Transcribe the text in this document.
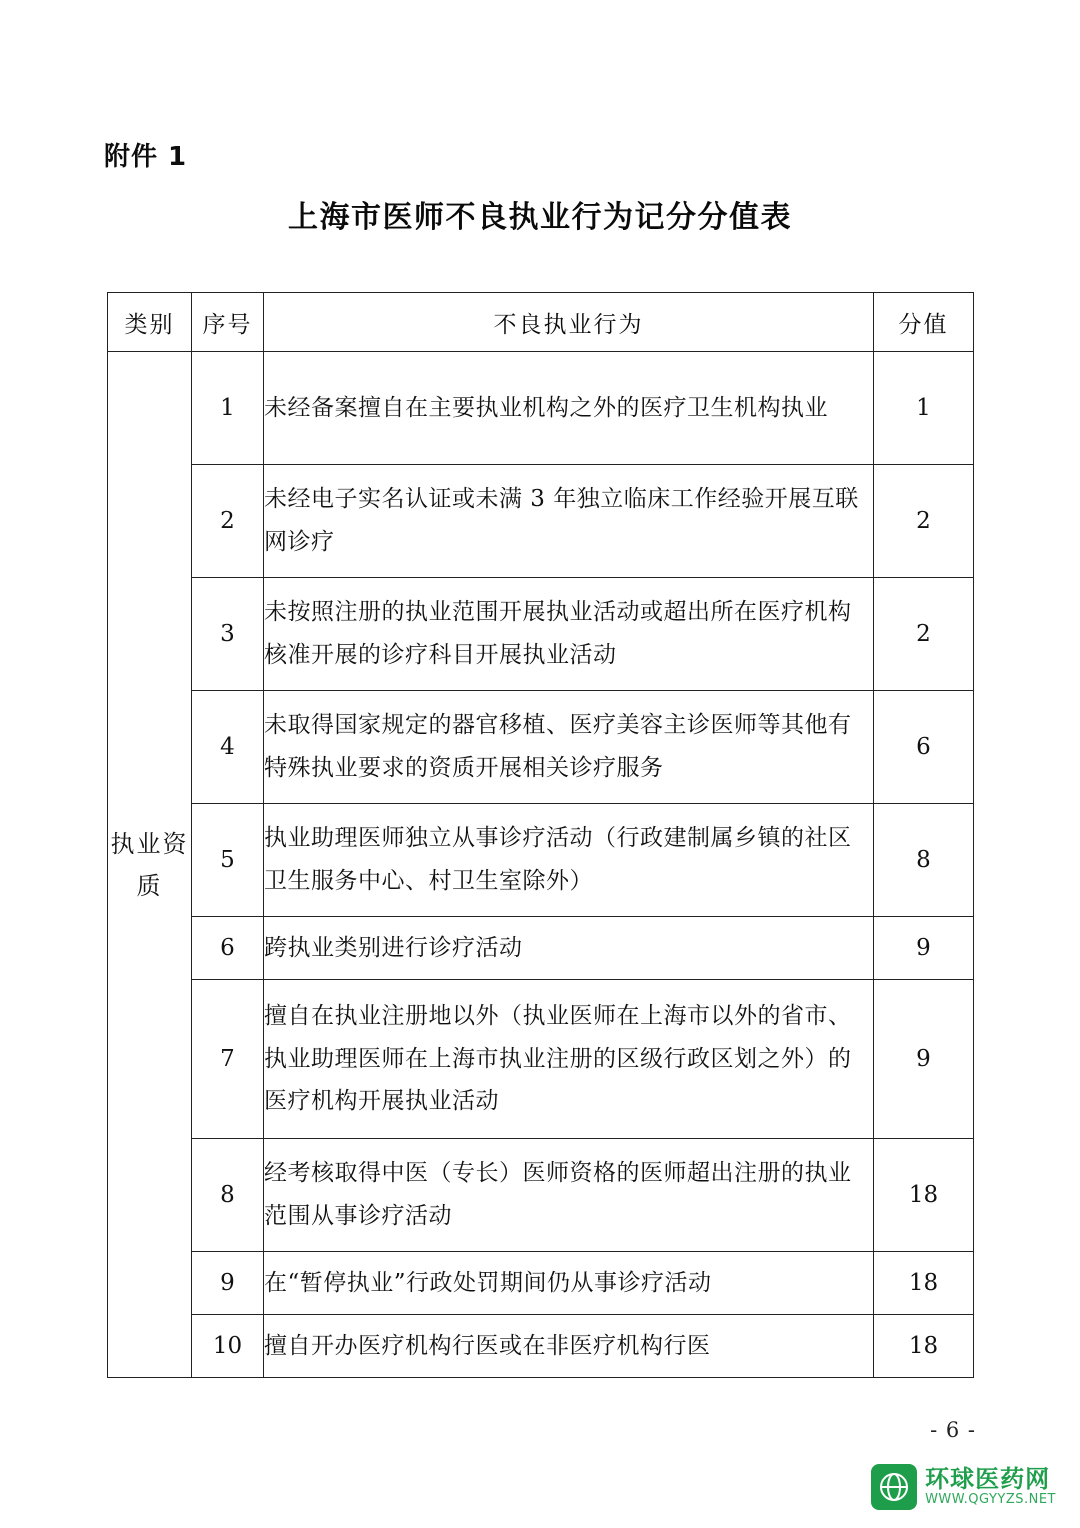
附件 1
上海市医师不良执业行为记分分值表
类别	序号	不良执业行为	分值
执业资质	1	未经备案擅自在主要执业机构之外的医疗卫生机构执业	1
	2	未经电子实名认证或未满 3 年独立临床工作经验开展互联网诊疗	2
	3	未按照注册的执业范围开展执业活动或超出所在医疗机构核准开展的诊疗科目开展执业活动	2
	4	未取得国家规定的器官移植、医疗美容主诊医师等其他有特殊执业要求的资质开展相关诊疗服务	6
	5	执业助理医师独立从事诊疗活动（行政建制属乡镇的社区卫生服务中心、村卫生室除外）	8
	6	跨执业类别进行诊疗活动	9
	7	擅自在执业注册地以外（执业医师在上海市以外的省市、执业助理医师在上海市执业注册的区级行政区划之外）的医疗机构开展执业活动	9
	8	经考核取得中医（专长）医师资格的医师超出注册的执业范围从事诊疗活动	18
	9	在“暂停执业”行政处罚期间仍从事诊疗活动	18
	10	擅自开办医疗机构行医或在非医疗机构行医	18
- 6 -
环球医药网
WWW.QGYYZS.NET
